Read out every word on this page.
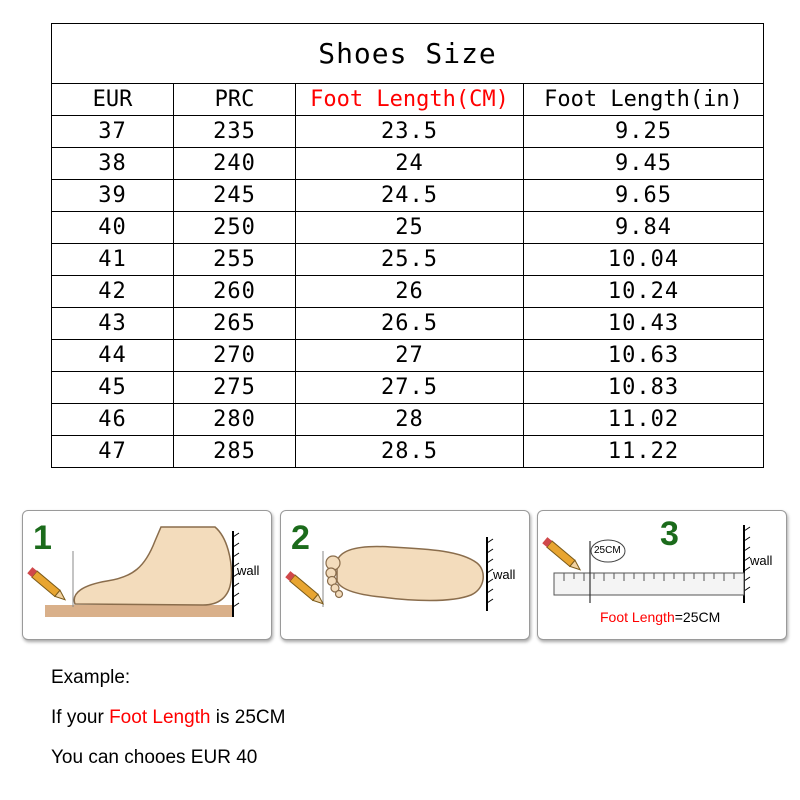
Shoes Size			
EUR	PRC	Foot Length(CM)	Foot Length(in)
37	235	23.5	9.25
38	240	24	9.45
39	245	24.5	9.65
40	250	25	9.84
41	255	25.5	10.04
42	260	26	10.24
43	265	26.5	10.43
44	270	27	10.63
45	275	27.5	10.83
46	280	28	11.02
47	285	28.5	11.22
1
wall
2
wall
3
25CM
wall
Foot Length=25CM
Example:
If your Foot Length is 25CM
You can chooes EUR 40
